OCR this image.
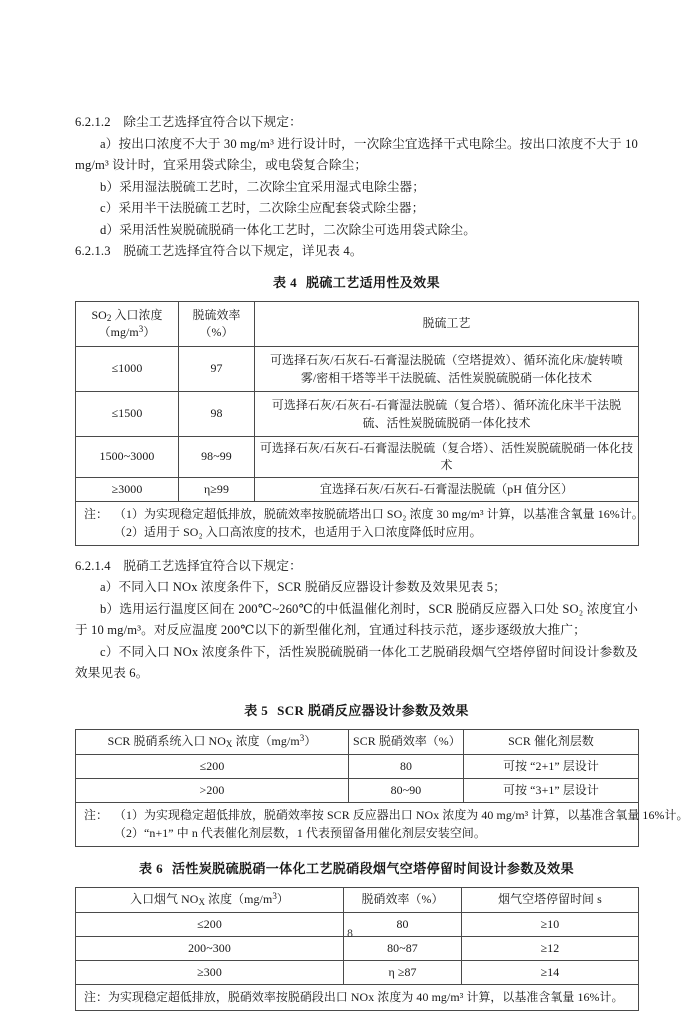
6.2.1.2 除尘工艺选择宜符合以下规定：

a）按出口浓度不大于 30 mg/m³ 进行设计时，一次除尘宜选择干式电除尘。按出口浓度不大于 10 mg/m³ 设计时，宜采用袋式除尘，或电袋复合除尘；

b）采用湿法脱硫工艺时，二次除尘宜采用湿式电除尘器；

c）采用半干法脱硫工艺时，二次除尘应配套袋式除尘器；

d）采用活性炭脱硫脱硝一体化工艺时，二次除尘可选用袋式除尘。

6.2.1.3 脱硫工艺选择宜符合以下规定，详见表 4。

表 4 脱硫工艺适用性及效果
$SO_2$ 入口浓度
$(mg/m^3)$	脱硫效率（%）	脱硫工艺
≤1000	97	可选择石灰/石灰石-石膏湿法脱硫（空塔提效）、循环流化床/旋转喷雾/密相干塔等半干法脱硫、活性炭脱硫脱硝一体化技术
≤1500	98	可选择石灰/石灰石-石膏湿法脱硫（复合塔）、循环流化床半干法脱硫、活性炭脱硫脱硝一体化技术
1500~3000	98~99	可选择石灰/石灰石-石膏湿法脱硫（复合塔）、活性炭脱硫脱硝一体化技术
≥3000	η≥99	宜选择石灰/石灰石-石膏湿法脱硫（pH 值分区）

注： （1）为实现稳定超低排放，脱硫效率按脱硫塔出口 SO₂ 浓度 30 mg/m³ 计算，以基准含氧量 16%计。
（2）适用于 SO₂ 入口高浓度的技术，也适用于入口浓度降低时应用。		

6.2.1.4 脱硝工艺选择宜符合以下规定：

a）不同入口 NOx 浓度条件下，SCR 脱硝反应器设计参数及效果见表 5；

b）选用运行温度区间在 200℃~260℃的中低温催化剂时，SCR 脱硝反应器入口处 SO₂ 浓度宜小于 10 mg/m³。对反应温度 200℃以下的新型催化剂，宜通过科技示范，逐步逐级放大推广；

c）不同入口 NOx 浓度条件下，活性炭脱硫脱硝一体化工艺脱硝段烟气空塔停留时间设计参数及效果见表 6。

表 5 SCR 脱硝反应器设计参数及效果
SCR 脱硝系统入口 $NO_X$ 浓度$(mg/m^3)$	SCR 脱硝效率（%）	SCR 催化剂层数
≤200	80	可按 “2+1” 层设计
>200	80~90	可按 “3+1” 层设计

注： （1）为实现稳定超低排放，脱硝效率按 SCR 反应器出口 NOx 浓度为 40 mg/m³ 计算，以基准含氧量 16%计。
（2）“n+1” 中 n 代表催化剂层数，1 代表预留备用催化剂层安装空间。		
表 6 活性炭脱硫脱硝一体化工艺脱硝段烟气空塔停留时间设计参数及效果
入口烟气 $NO_X$ 浓度$(mg/m^3)$	脱硝效率（%）	烟气空塔停留时间 s
≤200	80	≥10
200~300	80~87	≥12
≥300	η ≥87	≥14

注：为实现稳定超低排放，脱硝效率按脱硝段出口 NOx 浓度为 40 mg/m³ 计算，以基准含氧量 16%计。		
8
